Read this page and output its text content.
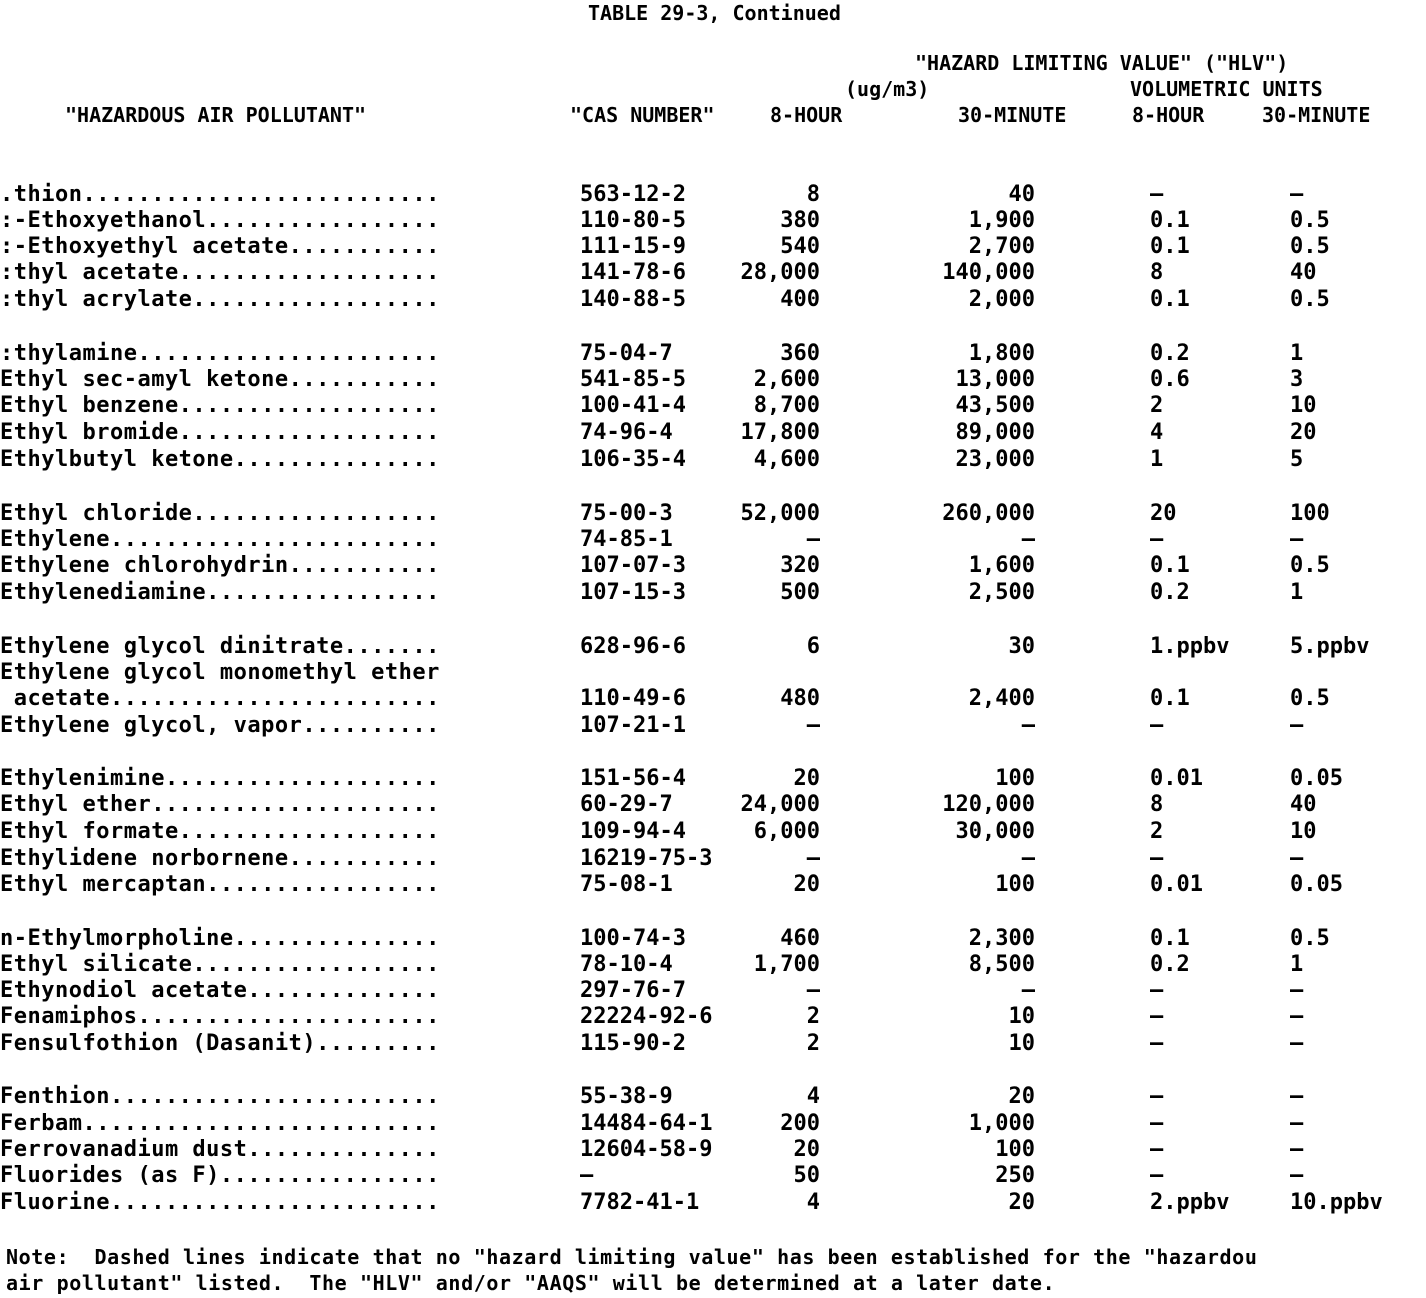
TABLE 29-3, Continued
"HAZARD LIMITING VALUE" ("HLV")
(ug/m3)	VOLUMETRIC UNITS
"HAZARDOUS AIR POLLUTANT"	"CAS NUMBER"	8-HOUR	30-MINUTE	8-HOUR	30-MINUTE
.thion..........................	563-12-2	8	40	—	—
:-Ethoxyethanol.................	110-80-5	380	1,900	0.1	0.5
:-Ethoxyethyl acetate...........	111-15-9	540	2,700	0.1	0.5
:thyl acetate...................	141-78-6	28,000	140,000	8	40
:thyl acrylate..................	140-88-5	400	2,000	0.1	0.5
:thylamine......................	75-04-7	360	1,800	0.2	1
Ethyl sec-amyl ketone...........	541-85-5	2,600	13,000	0.6	3
Ethyl benzene...................	100-41-4	8,700	43,500	2	10
Ethyl bromide...................	74-96-4	17,800	89,000	4	20
Ethylbutyl ketone...............	106-35-4	4,600	23,000	1	5
Ethyl chloride..................	75-00-3	52,000	260,000	20	100
Ethylene........................	74-85-1	—	—	—	—
Ethylene chlorohydrin...........	107-07-3	320	1,600	0.1	0.5
Ethylenediamine.................	107-15-3	500	2,500	0.2	1
Ethylene glycol dinitrate.......	628-96-6	6	30	1.ppbv	5.ppbv
Ethylene glycol monomethyl ether
acetate........................	110-49-6	480	2,400	0.1	0.5
Ethylene glycol, vapor..........	107-21-1	—	—	—	—
Ethylenimine....................	151-56-4	20	100	0.01	0.05
Ethyl ether.....................	60-29-7	24,000	120,000	8	40
Ethyl formate...................	109-94-4	6,000	30,000	2	10
Ethylidene norbornene...........	16219-75-3	—	—	—	—
Ethyl mercaptan.................	75-08-1	20	100	0.01	0.05
n-Ethylmorpholine...............	100-74-3	460	2,300	0.1	0.5
Ethyl silicate..................	78-10-4	1,700	8,500	0.2	1
Ethynodiol acetate..............	297-76-7	—	—	—	—
Fenamiphos......................	22224-92-6	2	10	—	—
Fensulfothion (Dasanit).........	115-90-2	2	10	—	—
Fenthion........................	55-38-9	4	20	—	—
Ferbam..........................	14484-64-1	200	1,000	—	—
Ferrovanadium dust..............	12604-58-9	20	100	—	—
Fluorides (as F)................	—	50	250	—	—
Fluorine........................	7782-41-1	4	20	2.ppbv	10.ppbv
Note:  Dashed lines indicate that no "hazard limiting value" has been established for the "hazardou
air pollutant" listed.  The "HLV" and/or "AAQS" will be determined at a later date.
